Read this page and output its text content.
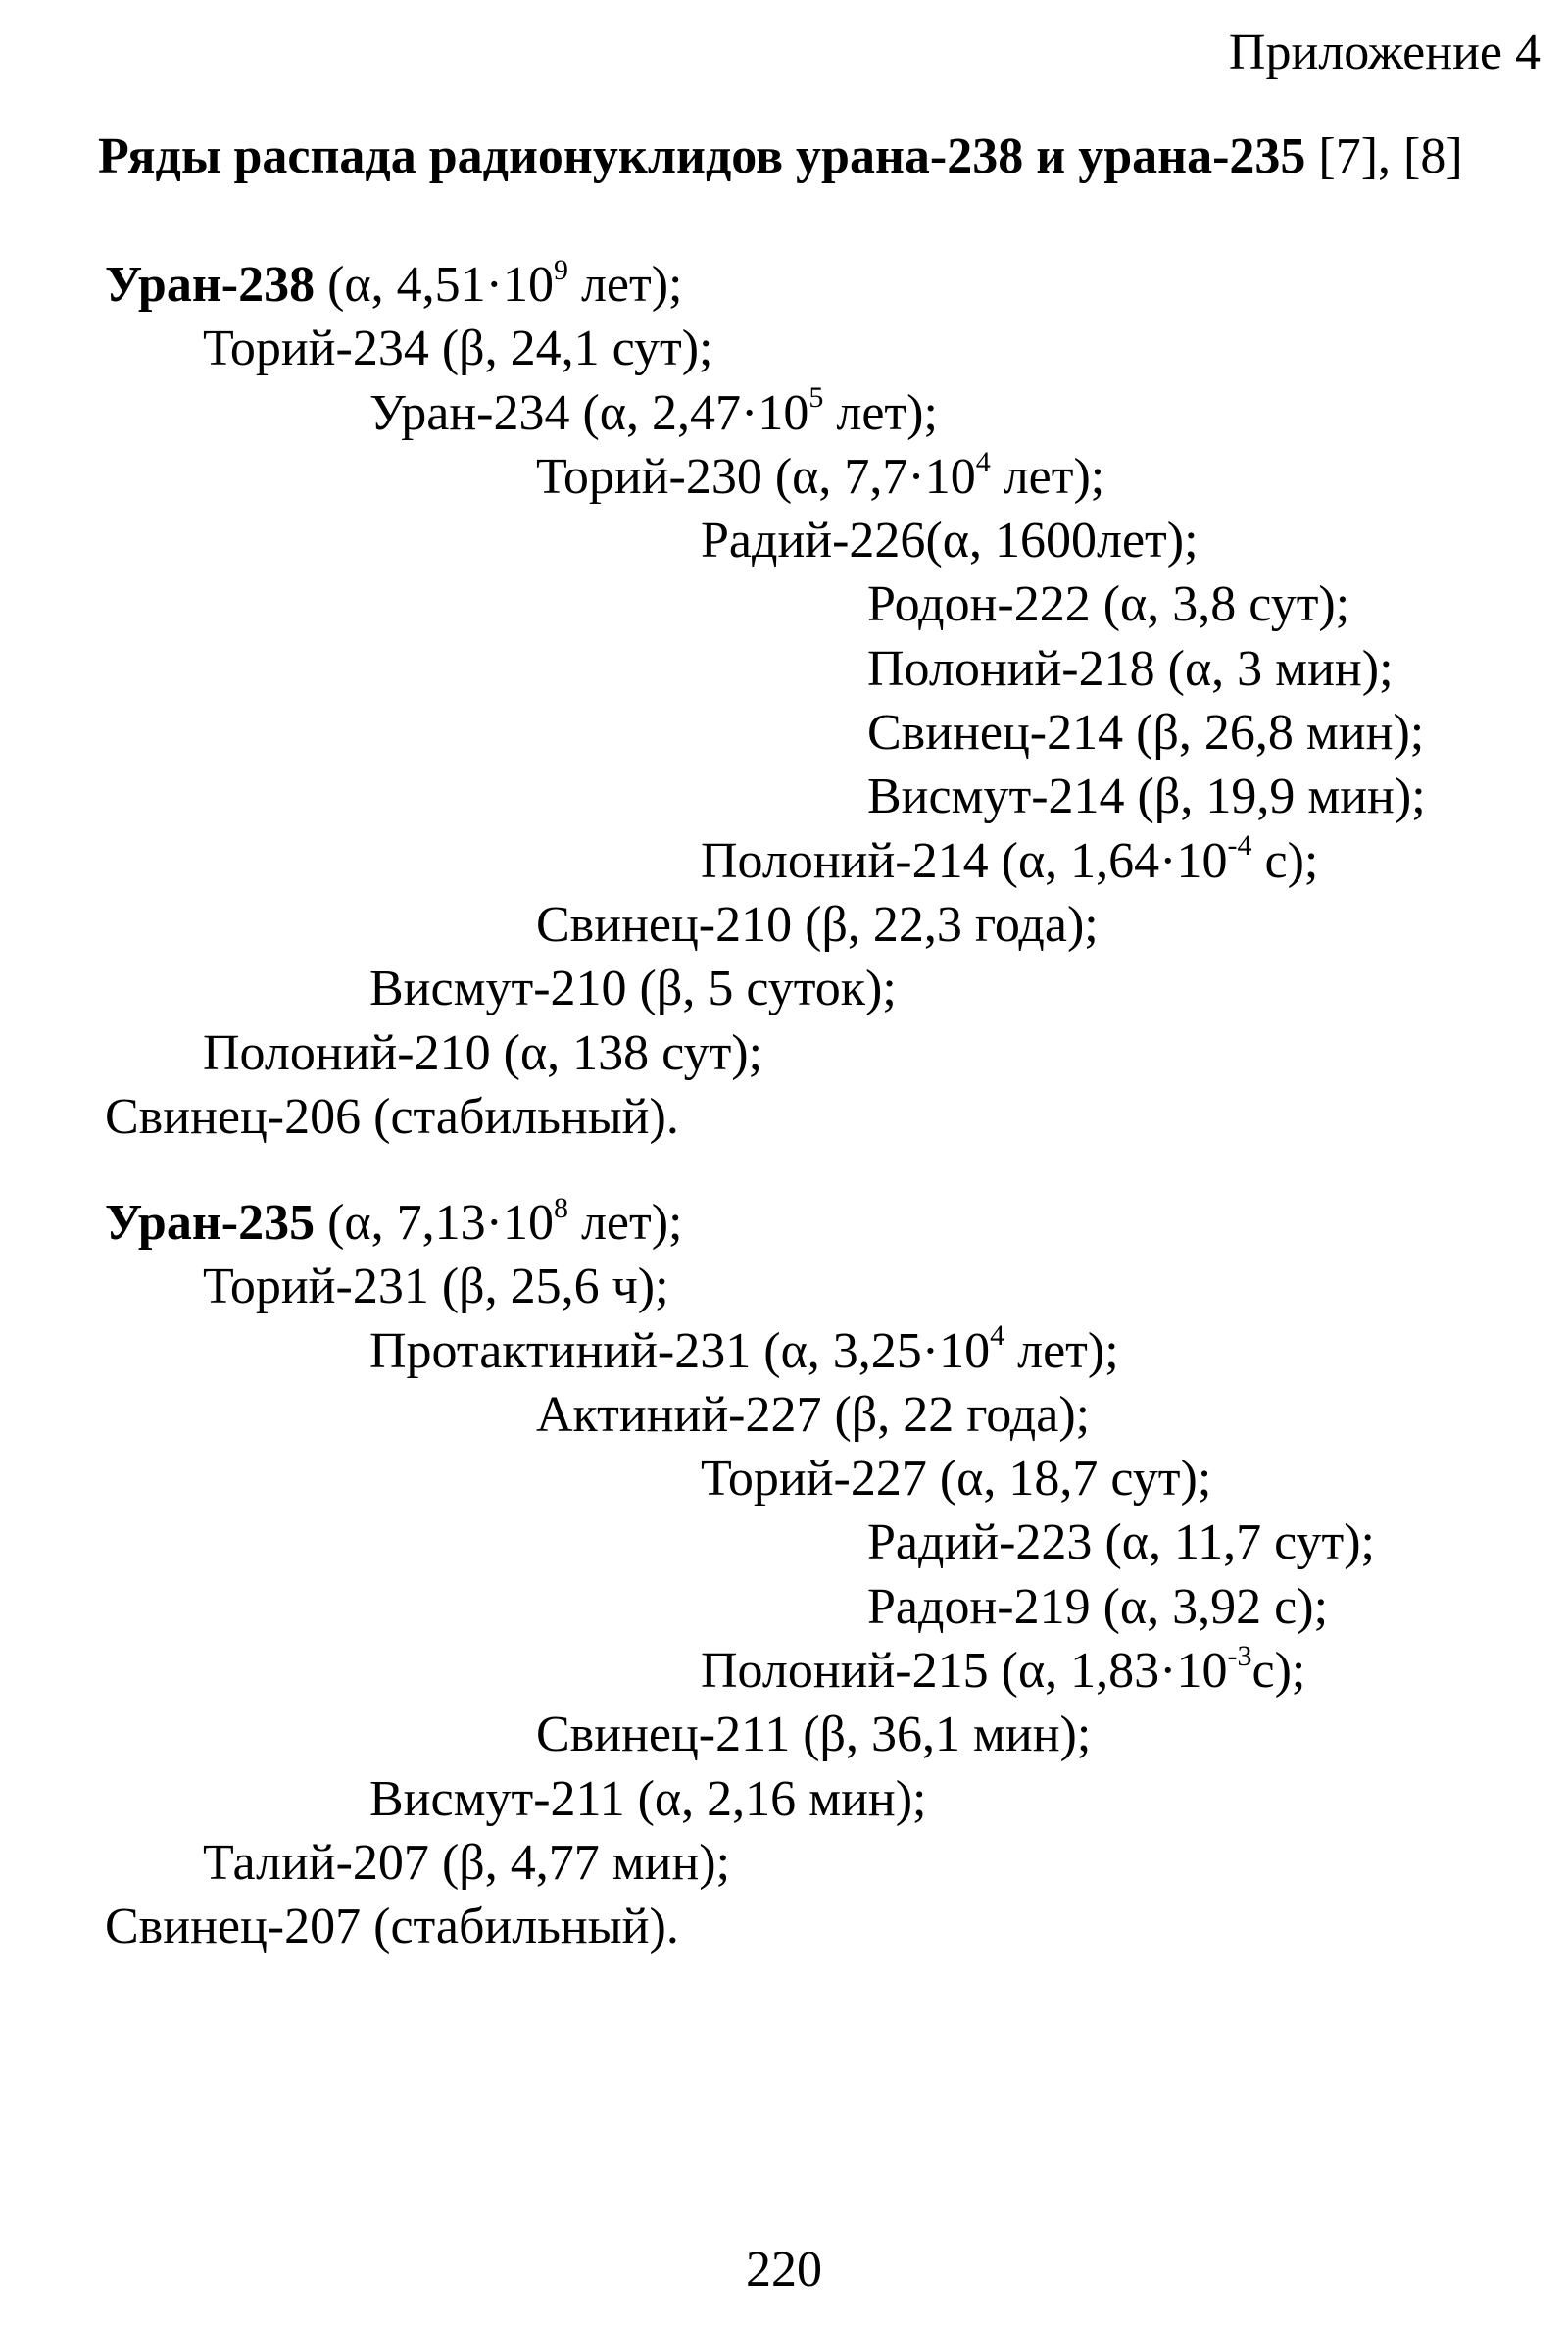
Приложение 4
Ряды распада радионуклидов урана-238 и урана-235 [7], [8]
Уран-238 (α, $4,51\cdot 10^9$ лет);
Торий-234 (β, 24,1 сут);
Уран-234 (α, $2,47\cdot 10^5$ лет);
Торий-230 (α, $7,7\cdot 10^4$ лет);
Радий-226(α, 1600лет);
Родон-222 (α, 3,8 сут);
Полоний-218 (α, 3 мин);
Свинец-214 (β, 26,8 мин);
Висмут-214 (β, 19,9 мин);
Полоний-214 (α, $1,64\cdot 10^{-4}$ с);
Свинец-210 (β, 22,3 года);
Висмут-210 (β, 5 суток);
Полоний-210 (α, 138 сут);
Свинец-206 (стабильный).
Уран-235 (α, $7,13\cdot 10^8$ лет);
Торий-231 (β, 25,6 ч);
Протактиний-231 (α, $3,25\cdot 10^4$ лет);
Актиний-227 (β, 22 года);
Торий-227 (α, 18,7 сут);
Радий-223 (α, 11,7 сут);
Радон-219 (α, 3,92 с);
Полоний-215 (α, $1,83\cdot 10^{-3}с$);
Свинец-211 (β, 36,1 мин);
Висмут-211 (α, 2,16 мин);
Талий-207 (β, 4,77 мин);
Свинец-207 (стабильный).
220
